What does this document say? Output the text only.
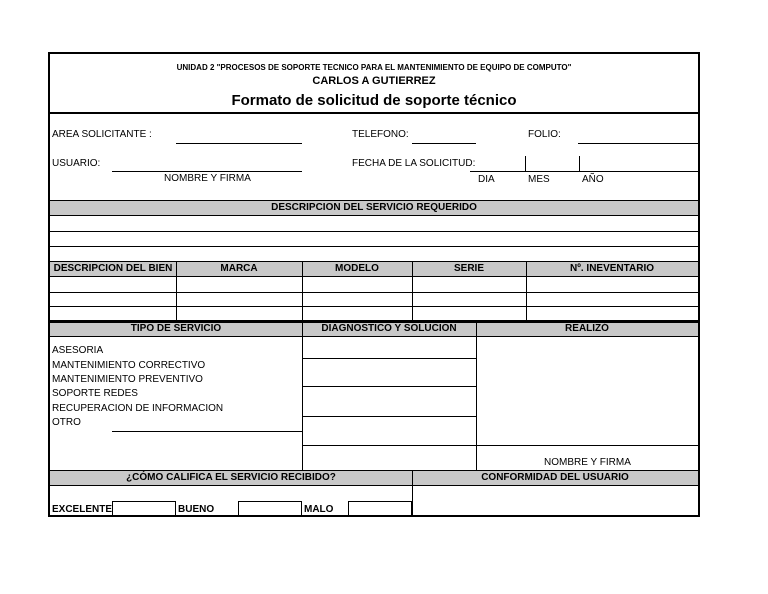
UNIDAD 2 "PROCESOS DE SOPORTE TECNICO PARA EL MANTENIMIENTO DE EQUIPO DE COMPUTO"
CARLOS A GUTIERREZ
Formato de solicitud de soporte técnico
AREA SOLICITANTE :	TELEFONO:	FOLIO:
USUARIO:
NOMBRE Y FIRMA
FECHA DE LA SOLICITUD:
DIA	MES	AÑO
DESCRIPCION DEL SERVICIO REQUERIDO
DESCRIPCION DEL BIEN	MARCA	MODELO	SERIE	Nº. INEVENTARIO
TIPO DE SERVICIO	DIAGNOSTICO Y SOLUCION	REALIZÓ
ASESORIA
MANTENIMIENTO CORRECTIVO
MANTENIMIENTO PREVENTIVO
SOPORTE REDES
RECUPERACION DE INFORMACION
OTRO
NOMBRE Y FIRMA
¿CÓMO CALIFICA EL SERVICIO RECIBIDO?	CONFORMIDAD DEL USUARIO
EXCELENTE	BUENO	MALO
